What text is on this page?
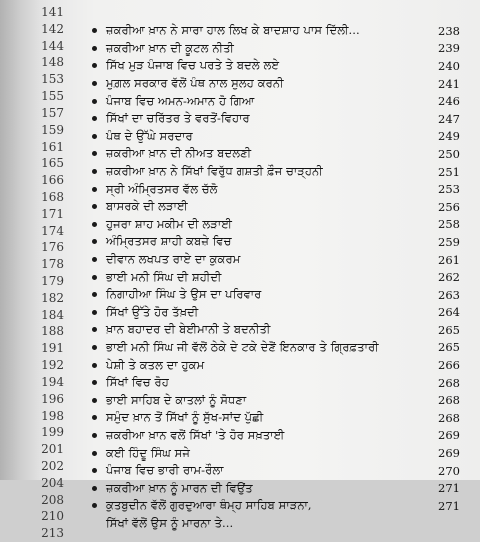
141
142
144
148
153
155
157
159
161
165
166
168
171
174
176
178
179
182
184
188
191
192
194
196
198
199
201
202
204
208
210
213
ਜ਼ਕਰੀਆ ਖ਼ਾਨ ਨੇ ਸਾਰਾ ਹਾਲ ਲਿਖ ਕੇ ਬਾਦਸ਼ਾਹ ਪਾਸ ਦਿੱਲੀ...	238
ਜ਼ਕਰੀਆ ਖ਼ਾਨ ਦੀ ਕੂਟਲ ਨੀਤੀ	239
ਸਿੱਖ ਮੁੜ ਪੰਜਾਬ ਵਿਚ ਪਰਤੇ ਤੇ ਬਦਲੇ ਲਏ	240
ਮੁਗ਼ਲ ਸਰਕਾਰ ਵੱਲੋਂ ਪੰਥ ਨਾਲ ਸੁਲਹ ਕਰਨੀ	241
ਪੰਜਾਬ ਵਿਚ ਅਮਨ-ਅਮਾਨ ਹੋ ਗਿਆ	246
ਸਿੱਖਾਂ ਦਾ ਚਰਿੱਤਰ ਤੇ ਵਰਤੋਂ-ਵਿਹਾਰ	247
ਪੰਥ ਦੇ ਉੱਘੇ ਸਰਦਾਰ	249
ਜ਼ਕਰੀਆ ਖ਼ਾਨ ਦੀ ਨੀਅਤ ਬਦਲਣੀ	250
ਜ਼ਕਰੀਆ ਖ਼ਾਨ ਨੇ ਸਿੱਖਾਂ ਵਿਰੁੱਧ ਗਸ਼ਤੀ ਫ਼ੌਜ ਚਾੜ੍ਹਨੀ	251
ਸ੍ਰੀ ਅੰਮ੍ਰਿਤਸਰ ਵੱਲ ਚੱਲੋ	253
ਬਾਸਰਕੇ ਦੀ ਲੜਾਈ	256
ਹੁਜਰਾ ਸ਼ਾਹ ਮਕੀਮ ਦੀ ਲੜਾਈ	258
ਅੰਮ੍ਰਿਤਸਰ ਸ਼ਾਹੀ ਕਬਜ਼ੇ ਵਿਚ	259
ਦੀਵਾਨ ਲਖਪਤ ਰਾਏ ਦਾ ਕੁਕਰਮ	261
ਭਾਈ ਮਨੀ ਸਿੰਘ ਦੀ ਸ਼ਹੀਦੀ	262
ਨਿਗਾਹੀਆ ਸਿੰਘ ਤੇ ਉਸ ਦਾ ਪਰਿਵਾਰ	263
ਸਿੱਖਾਂ ਉੱਤੇ ਹੋਰ ਤੱਖ਼ਦੀ	264
ਖ਼ਾਨ ਬਹਾਦਰ ਦੀ ਬੇਈਮਾਨੀ ਤੇ ਬਦਨੀਤੀ	265
ਭਾਈ ਮਨੀ ਸਿੰਘ ਜੀ ਵੱਲੋਂ ਠੇਕੇ ਦੇ ਟਕੇ ਦੇਣੋਂ ਇਨਕਾਰ ਤੇ ਗ੍ਰਿਫ਼ਤਾਰੀ	265
ਪੇਸ਼ੀ ਤੇ ਕਤਲ ਦਾ ਹੁਕਮ	266
ਸਿੱਖਾਂ ਵਿਚ ਰੋਹ	268
ਭਾਈ ਸਾਹਿਬ ਦੇ ਕਾਤਲਾਂ ਨੂੰ ਸੋਧਣਾ	268
ਸਮੁੰਦ ਖ਼ਾਨ ਤੋਂ ਸਿੱਖਾਂ ਨੂੰ ਸੁੱਖ-ਸਾਂਦ ਪੁੱਛੀ	268
ਜ਼ਕਰੀਆ ਖ਼ਾਨ ਵਲੋਂ ਸਿੱਖਾਂ 'ਤੇ ਹੋਰ ਸਖ਼ਤਾਈ	269
ਕਈ ਹਿੰਦੂ ਸਿੰਘ ਸਜੇ	269
ਪੰਜਾਬ ਵਿਚ ਭਾਰੀ ਰਾਮ-ਰੌਲਾ	270
ਜ਼ਕਰੀਆ ਖ਼ਾਨ ਨੂੰ ਮਾਰਨ ਦੀ ਵਿਉਂਤ	271
ਕੁਤਬੁਦੀਨ ਵੱਲੋਂ ਗੁਰਦੁਆਰਾ ਥੰਮ੍ਹ ਸਾਹਿਬ ਸਾੜਨਾ,	271
ਸਿੱਖਾਂ ਵੱਲੋਂ ਉਸ ਨੂੰ ਮਾਰਨਾ ਤੇ...
